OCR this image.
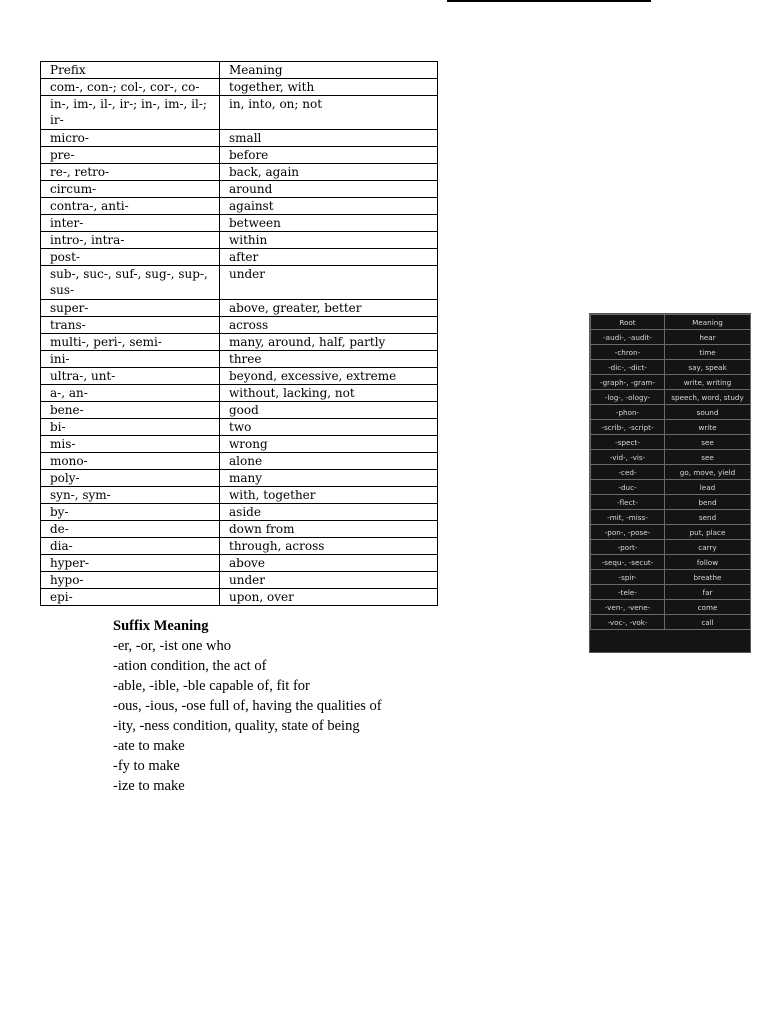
Prefix	Meaning
com-, con-; col-, cor-, co-	together, with
in-, im-, il-, ir-; in-, im-, il-; ir-	in, into, on; not
micro-	small
pre-	before
re-, retro-	back, again
circum-	around
contra-, anti-	against
inter-	between
intro-, intra-	within
post-	after
sub-, suc-, suf-, sug-, sup-, sus-	under
super-	above, greater, better
trans-	across
multi-, peri-, semi-	many, around, half, partly
ini-	three
ultra-, unt-	beyond, excessive, extreme
a-, an-	without, lacking, not
bene-	good
bi-	two
mis-	wrong
mono-	alone
poly-	many
syn-, sym-	with, together
by-	aside
de-	down from
dia-	through, across
hyper-	above
hypo-	under
epi-	upon, over
Suffix Meaning
-er, -or, -ist one who
-ation condition, the act of
-able, -ible, -ble capable of, fit for
-ous, -ious, -ose full of, having the qualities of
-ity, -ness condition, quality, state of being
-ate to make
-fy to make
-ize to make
Root	Meaning
-audi-, -audit-	hear
-chron-	time
-dic-, -dict-	say, speak
-graph-, -gram-	write, writing
-log-, -ology-	speech, word, study
-phon-	sound
-scrib-, -script-	write
-spect-	see
-vid-, -vis-	see
-ced-	go, move, yield
-duc-	lead
-flect-	bend
-mit, -miss-	send
-pon-, -pose-	put, place
-port-	carry
-sequ-, -secut-	follow
-spir-	breathe
-tele-	far
-ven-, -vene-	come
-voc-, -vok-	call
